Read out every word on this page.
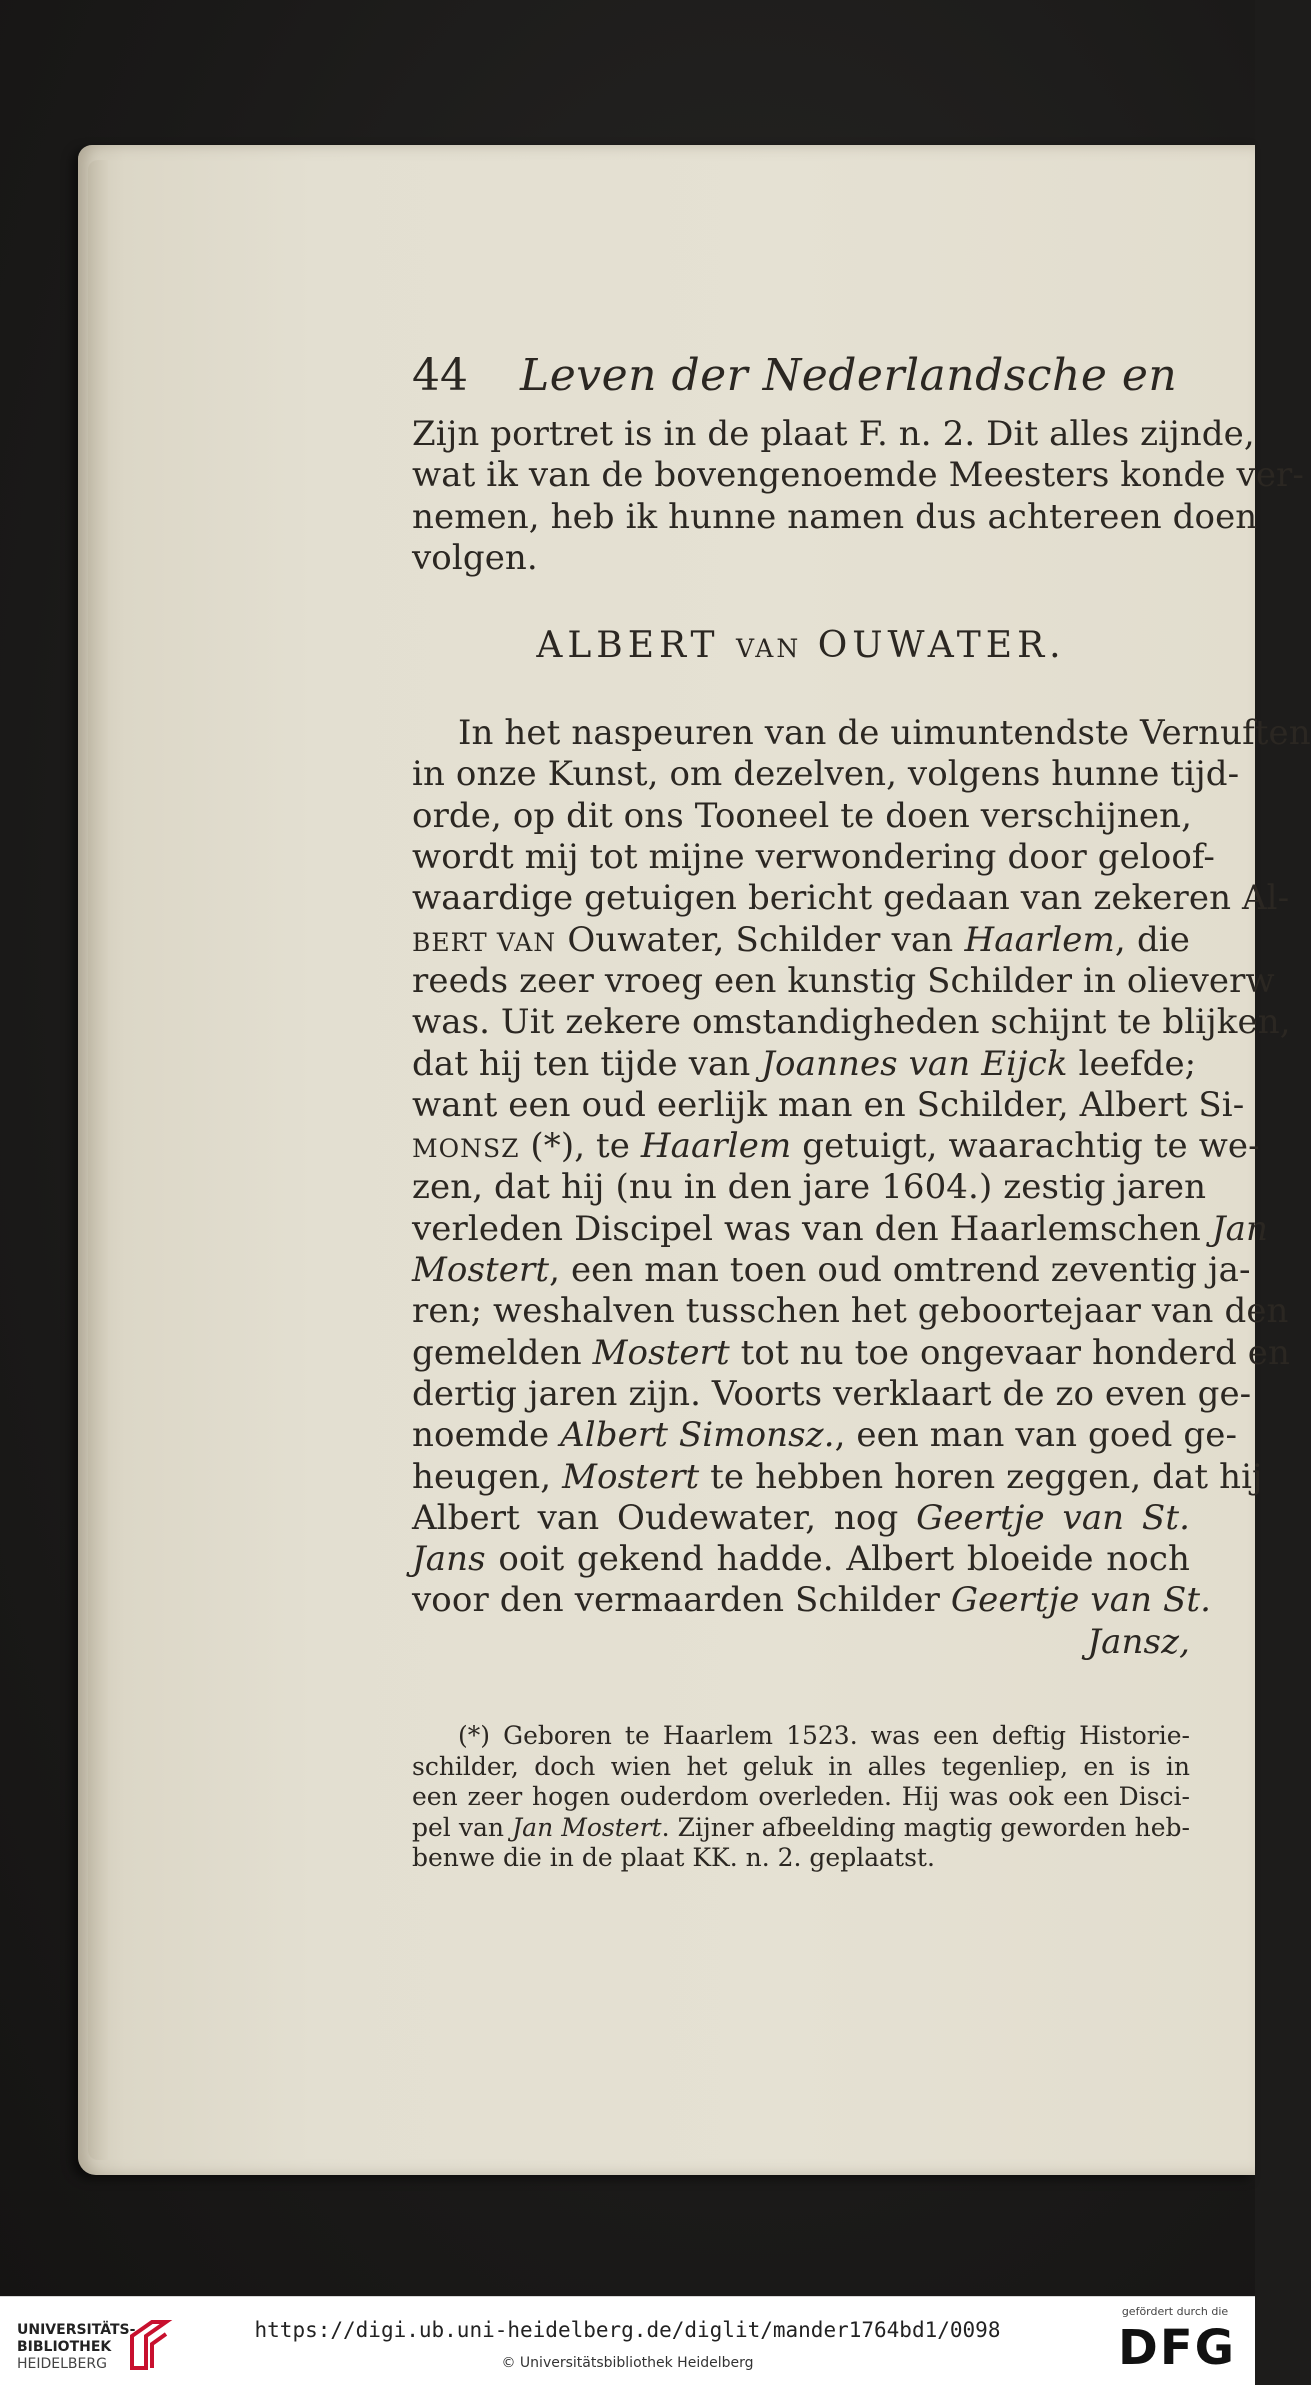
44 Leven der Nederlandsche en
Zijn portret is in de plaat F. n. 2. Dit alles zijnde,
wat ik van de bovengenoemde Meesters konde ver-
nemen, heb ik hunne namen dus achtereen doen
volgen.
ALBERT VAN OUWATER.
In het naspeuren van de uimuntendste Vernuften
in onze Kunst, om dezelven, volgens hunne tijd-
orde, op dit ons Tooneel te doen verschijnen,
wordt mij tot mijne verwondering door geloof-
waardige getuigen bericht gedaan van zekeren Al-
BERT VAN Ouwater, Schilder van Haarlem, die
reeds zeer vroeg een kunstig Schilder in olieverw
was. Uit zekere omstandigheden schijnt te blijken,
dat hij ten tijde van Joannes van Eijck leefde;
want een oud eerlijk man en Schilder, Albert Si-
MONSZ (*), te Haarlem getuigt, waarachtig te we-
zen, dat hij (nu in den jare 1604.) zestig jaren
verleden Discipel was van den Haarlemschen Jan
Mostert, een man toen oud omtrend zeventig ja-
ren; weshalven tusschen het geboortejaar van den
gemelden Mostert tot nu toe ongevaar honderd en
dertig jaren zijn. Voorts verklaart de zo even ge-
noemde Albert Simonsz., een man van goed ge-
heugen, Mostert te hebben horen zeggen, dat hij
Albert van Oudewater, nog Geertje van St.
Jans ooit gekend hadde. Albert bloeide noch
voor den vermaarden Schilder Geertje van St.
Jansz,
(*) Geboren te Haarlem 1523. was een deftig Historie-
schilder, doch wien het geluk in alles tegenliep, en is in
een zeer hogen ouderdom overleden. Hij was ook een Disci-
pel van Jan Mostert. Zijner afbeelding magtig geworden heb-
benwe die in de plaat KK. n. 2. geplaatst.
UNIVERSITÄTS-
BIBLIOTHEK
HEIDELBERG
https://digi.ub.uni-heidelberg.de/diglit/mander1764bd1/0098
© Universitätsbibliothek Heidelberg
gefördert durch die
DFG
